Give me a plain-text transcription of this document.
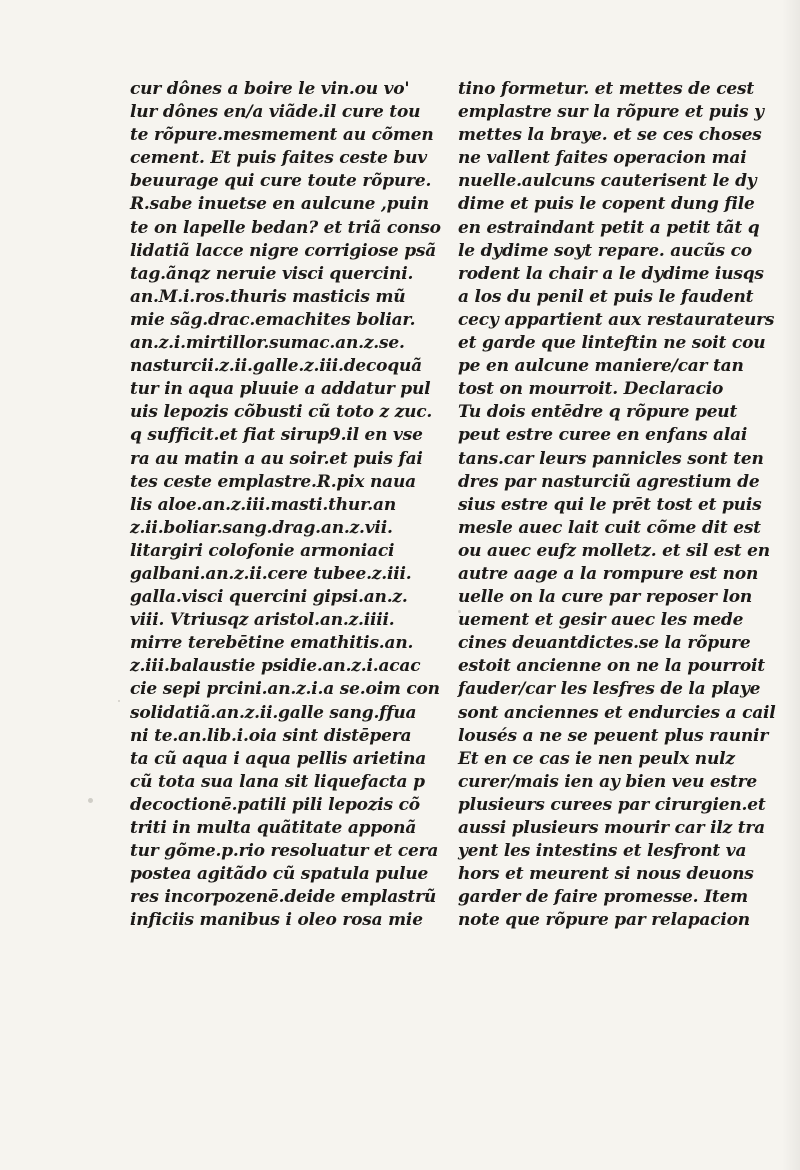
cur dônes a boire le vin.ou vo'
lur dônes en/a viãde.il cure tou
te rõpure.mesmement au cõmen
cement. Et puis faites ceste buv
beuurage qui cure toute rõpure.
R.sabe inuetse en aulcune ,puin
te on lapelle bedan? et triã conso
lidatiã lacce nigre corrigiose psã
tag.ãnqz neruie visci quercini.
an.M.i.ros.thuris masticis mũ
mie sãg.drac.emachites boliar.
an.z.i.mirtillor.sumac.an.z.se.
nasturcii.z.ii.galle.z.iii.decoquã
tur in aqua pluuie a addatur pul
uis lepozis cõbusti cũ toto z zuc.
q sufficit.et fiat sirup9.il en vse
ra au matin a au soir.et puis fai
tes ceste emplastre.R.pix naua
lis aloe.an.z.iii.masti.thur.an
z.ii.boliar.sang.drag.an.z.vii.
litargiri colofonie armoniaci
galbani.an.z.ii.cere tubee.z.iii.
galla.visci quercini gipsi.an.z.
viii. Vtriusqz aristol.an.z.iiii.
mirre terebētine emathitis.an.
z.iii.balaustie psidie.an.z.i.acac
cie sepi prcini.an.z.i.a se.oim con
solidatiã.an.z.ii.galle sang.ffua
ni te.an.lib.i.oia sint distēpera
ta cũ aqua i aqua pellis arietina
cũ tota sua lana sit liquefacta p
decoctionē.patili pili lepozis cõ
triti in multa quãtitate apponã
tur gõme.p.rio resoluatur et cera
postea agitãdo cũ spatula pulue
res incorpozenē.deide emplastrũ
inficiis manibus i oleo rosa mie
tino formetur. et mettes de cest
emplastre sur la rõpure et puis y
mettes la braye. et se ces choses
ne vallent faites operacion mai
nuelle.aulcuns cauterisent le dy
dime et puis le copent dung file
en estraindant petit a petit tãt q
le dydime soyt repare. aucũs co
rodent la chair a le dydime iusqs
a los du penil et puis le faudent
cecy appartient aux restaurateurs
et garde que linteftin ne soit cou
pe en aulcune maniere/car tan
tost on mourroit. Declaracio
Tu dois entēdre q rõpure peut
peut estre curee en enfans alai
tans.car leurs pannicles sont ten
dres par nasturciũ agrestium de
sius estre qui le prēt tost et puis
mesle auec lait cuit cõme dit est
ou auec eufz molletz. et sil est en
autre aage a la rompure est non
uelle on la cure par reposer lon
uement et gesir auec les mede
cines deuantdictes.se la rõpure
estoit ancienne on ne la pourroit
fauder/car les lesfres de la playe
sont anciennes et endurcies a cail
lousés a ne se peuent plus raunir
Et en ce cas ie nen peulx nulz
curer/mais ien ay bien veu estre
plusieurs curees par cirurgien.et
aussi plusieurs mourir car ilz tra
yent les intestins et lesfront va
hors et meurent si nous deuons
garder de faire promesse. Item
note que rõpure par relapacion
